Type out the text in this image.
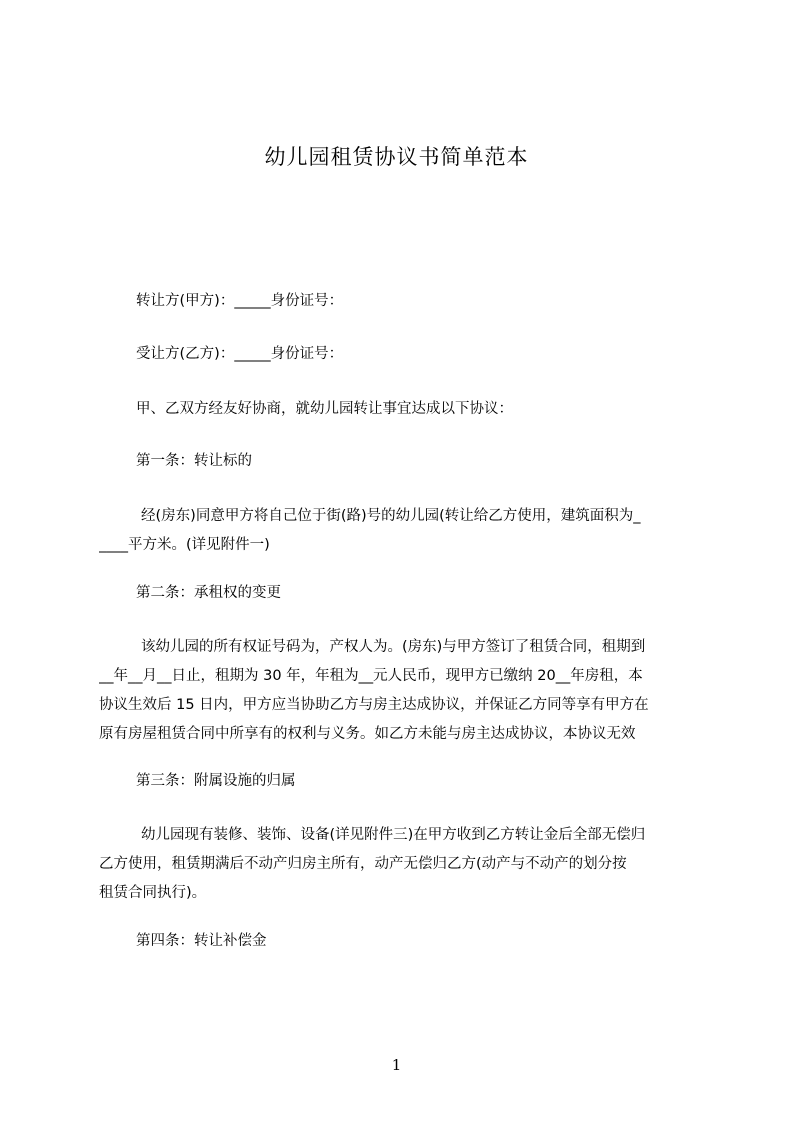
幼儿园租赁协议书简单范本
转让方(甲方)：_____身份证号：
受让方(乙方)：_____身份证号：
甲、乙双方经友好协商，就幼儿园转让事宜达成以下协议：
第一条：转让标的
经(房东)同意甲方将自己位于街(路)号的幼儿园(转让给乙方使用，建筑面积为_
____平方米。(详见附件一)
第二条：承租权的变更
该幼儿园的所有权证号码为，产权人为。(房东)与甲方签订了租赁合同，租期到
__年__月__日止，租期为 30 年，年租为__元人民币，现甲方已缴纳 20__年房租，本
协议生效后 15 日内，甲方应当协助乙方与房主达成协议，并保证乙方同等享有甲方在
原有房屋租赁合同中所享有的权利与义务。如乙方未能与房主达成协议，本协议无效
第三条：附属设施的归属
幼儿园现有装修、装饰、设备(详见附件三)在甲方收到乙方转让金后全部无偿归
乙方使用，租赁期满后不动产归房主所有，动产无偿归乙方(动产与不动产的划分按
租赁合同执行)。
第四条：转让补偿金
1
